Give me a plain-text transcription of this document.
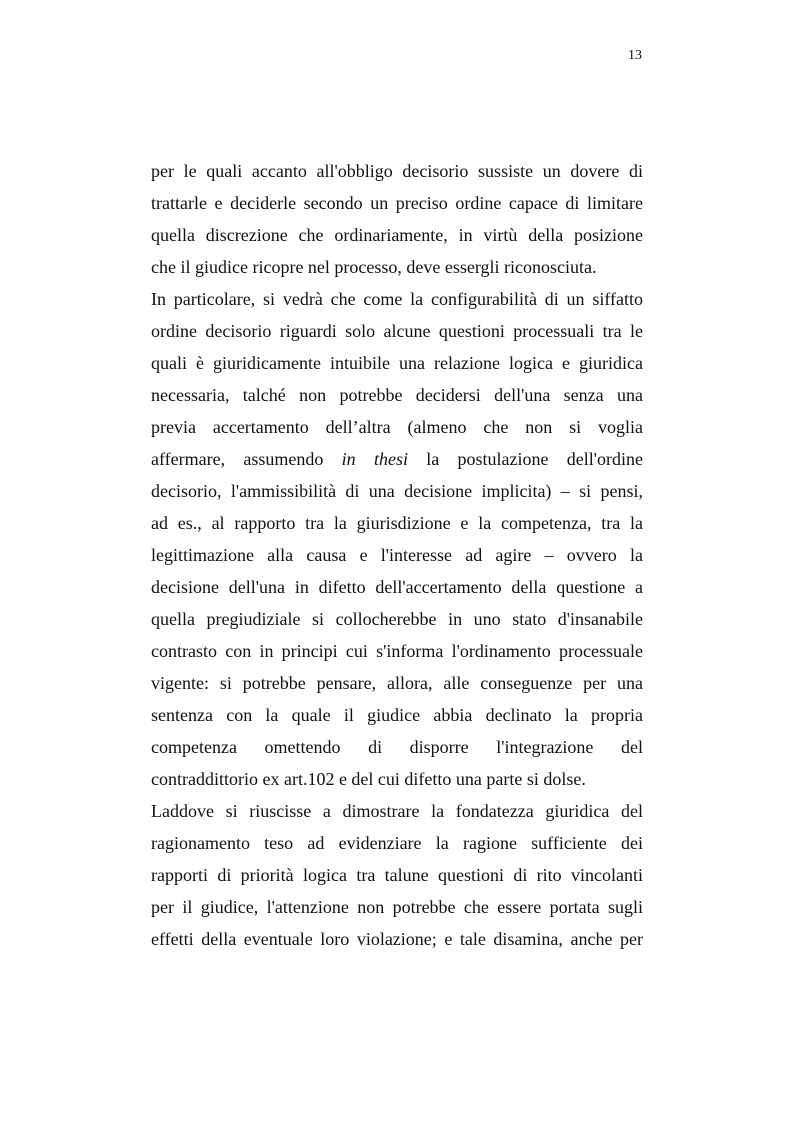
13
per le quali accanto all'obbligo decisorio sussiste un dovere di
trattarle e deciderle secondo un preciso ordine capace di limitare
quella discrezione che ordinariamente, in virtù della posizione
che il giudice ricopre nel processo, deve essergli riconosciuta.
In particolare, si vedrà che come la configurabilità di un siffatto
ordine decisorio riguardi solo alcune questioni processuali tra le
quali è giuridicamente intuibile una relazione logica e giuridica
necessaria, talché non potrebbe decidersi dell'una senza una
previa accertamento dell’altra (almeno che non si voglia
affermare, assumendo in thesi la postulazione dell'ordine
decisorio, l'ammissibilità di una decisione implicita) – si pensi,
ad es., al rapporto tra la giurisdizione e la competenza, tra la
legittimazione alla causa e l'interesse ad agire – ovvero la
decisione dell'una in difetto dell'accertamento della questione a
quella pregiudiziale si collocherebbe in uno stato d'insanabile
contrasto con in principi cui s'informa l'ordinamento processuale
vigente: si potrebbe pensare, allora, alle conseguenze per una
sentenza con la quale il giudice abbia declinato la propria
competenza omettendo di disporre l'integrazione del
contraddittorio ex art.102 e del cui difetto una parte si dolse.
Laddove si riuscisse a dimostrare la fondatezza giuridica del
ragionamento teso ad evidenziare la ragione sufficiente dei
rapporti di priorità logica tra talune questioni di rito vincolanti
per il giudice, l'attenzione non potrebbe che essere portata sugli
effetti della eventuale loro violazione; e tale disamina, anche per
